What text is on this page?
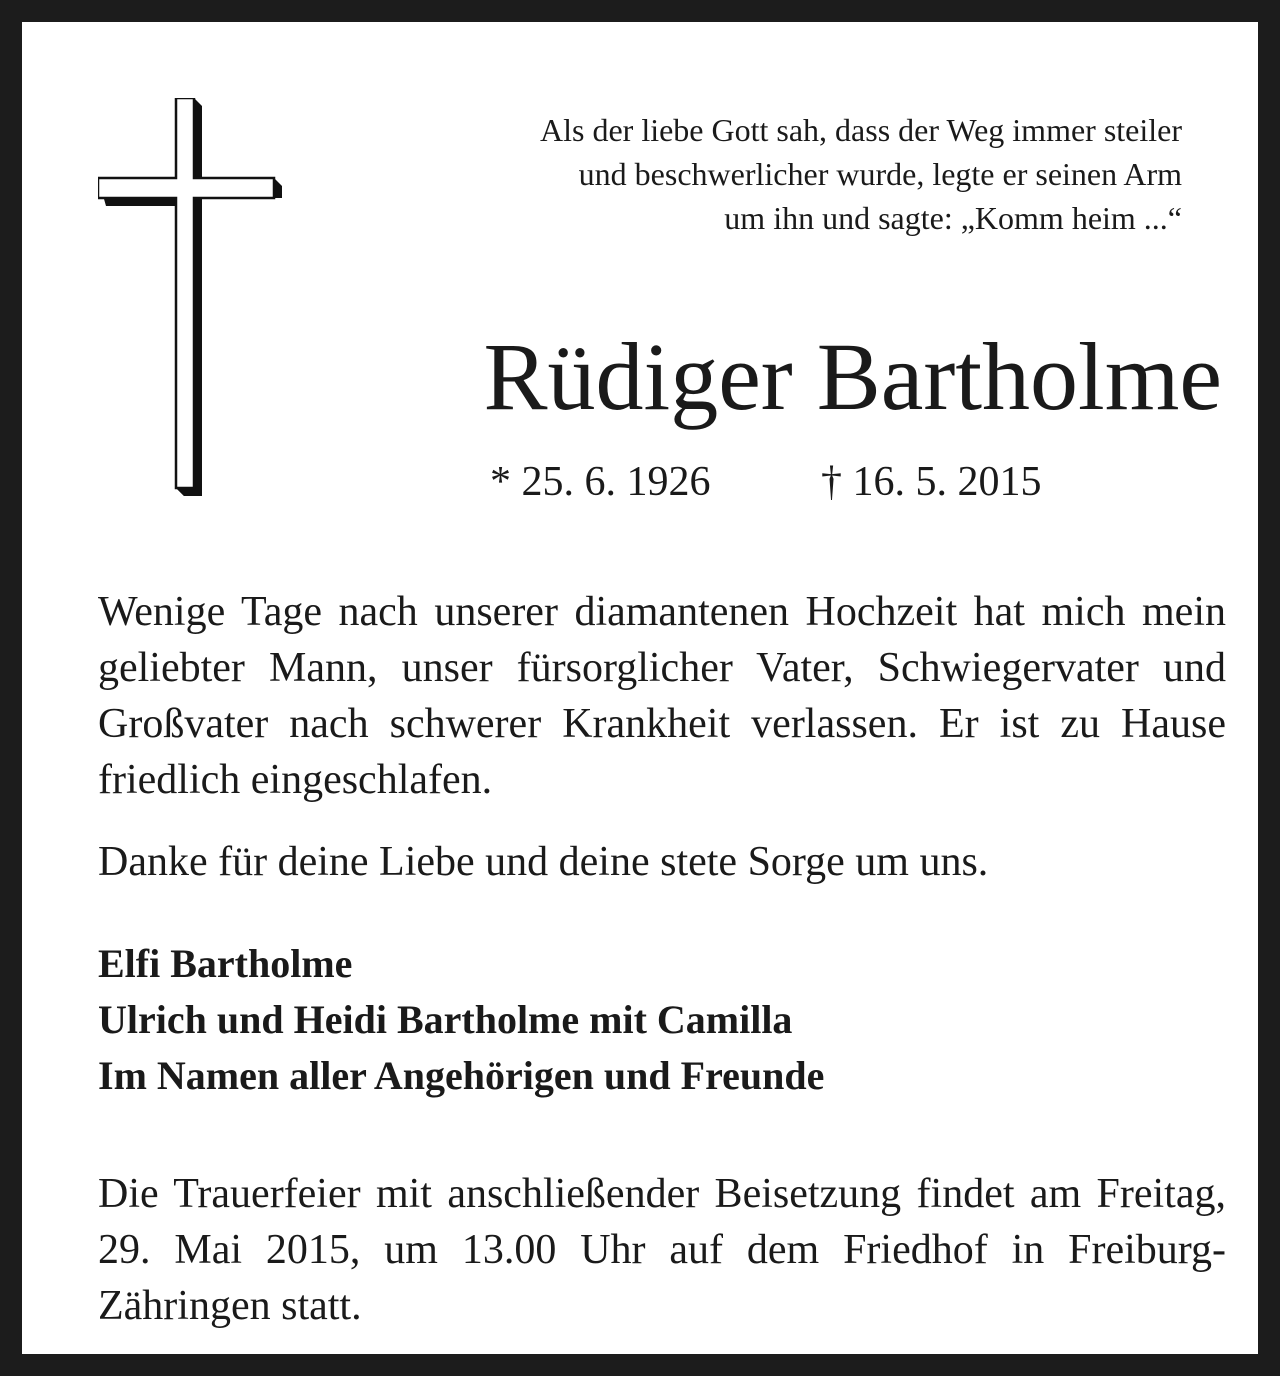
Als der liebe Gott sah, dass der Weg immer steiler
und beschwerlicher wurde, legte er seinen Arm
um ihn und sagte: „Komm heim ...“
Rüdiger Bartholme
* 25. 6. 1926	† 16. 5. 2015

Wenige Tage nach unserer diamantenen Hochzeit hat mich mein geliebter Mann, unser fürsorglicher Vater, Schwiegervater und Großvater nach schwerer Krankheit verlassen. Er ist zu Hause friedlich eingeschlafen.

Danke für deine Liebe und deine stete Sorge um uns.

Elfi Bartholme
Ulrich und Heidi Bartholme mit Camilla
Im Namen aller Angehörigen und Freunde

Die Trauerfeier mit anschließender Beisetzung findet am Freitag, 29. Mai 2015, um 13.00 Uhr auf dem Friedhof in Freiburg-Zähringen statt.
